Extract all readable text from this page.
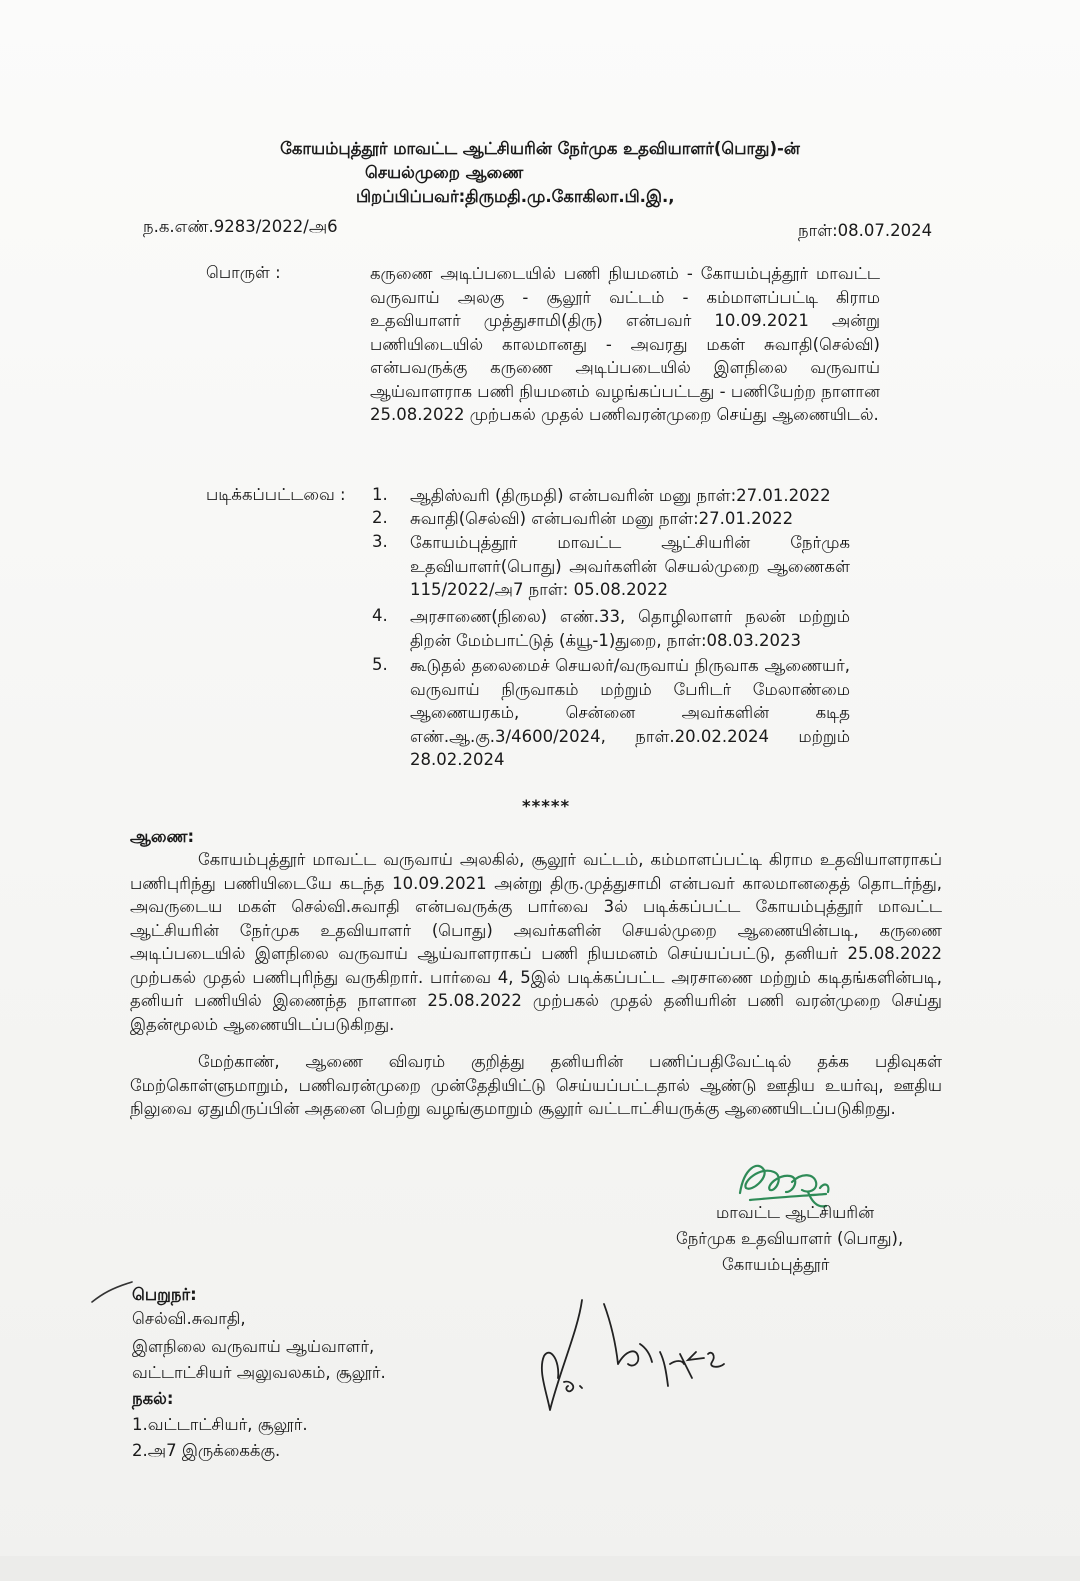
கோயம்புத்தூர் மாவட்ட ஆட்சியரின் நேர்முக உதவியாளர்(பொது)-ன்
செயல்முறை ஆணை
பிறப்பிப்பவர்:திருமதி.மு.கோகிலா.பி.இ.,
ந.க.எண்.9283/2022/அ6	நாள்:08.07.2024
பொருள் :	கருணை அடிப்படையில் பணி நியமனம் - கோயம்புத்தூர் மாவட்ட வருவாய் அலகு - சூலூர் வட்டம் - கம்மாளப்பட்டி கிராம உதவியாளர் முத்துசாமி(திரு) என்பவர் 10.09.2021 அன்று பணியிடையில் காலமானது - அவரது மகள் சுவாதி(செல்வி) என்பவருக்கு கருணை அடிப்படையில் இளநிலை வருவாய் ஆய்வாளராக பணி நியமனம் வழங்கப்பட்டது - பணியேற்ற நாளான 25.08.2022 முற்பகல் முதல் பணிவரன்முறை செய்து ஆணையிடல்.
படிக்கப்பட்டவை : 1. ஆதிஸ்வரி (திருமதி) என்பவரின் மனு நாள்:27.01.2022
2. சுவாதி(செல்வி) என்பவரின் மனு நாள்:27.01.2022
3. கோயம்புத்தூர் மாவட்ட ஆட்சியரின் நேர்முக உதவியாளர்(பொது) அவர்களின் செயல்முறை ஆணைகள் 115/2022/அ7 நாள்: 05.08.2022
4. அரசாணை(நிலை) எண்.33, தொழிலாளர் நலன் மற்றும் திறன் மேம்பாட்டுத் (க்யூ-1)துறை, நாள்:08.03.2023
5. கூடுதல் தலைமைச் செயலர்/வருவாய் நிருவாக ஆணையர், வருவாய் நிருவாகம் மற்றும் பேரிடர் மேலாண்மை ஆணையரகம், சென்னை அவர்களின் கடித எண்.ஆ.கு.3/4600/2024, நாள்.20.02.2024 மற்றும் 28.02.2024
*****
ஆணை:
கோயம்புத்தூர் மாவட்ட வருவாய் அலகில், சூலூர் வட்டம், கம்மாளப்பட்டி கிராம உதவியாளராகப் பணிபுரிந்து பணியிடையே கடந்த 10.09.2021 அன்று திரு.முத்துசாமி என்பவர் காலமானதைத் தொடர்ந்து, அவருடைய மகள் செல்வி.சுவாதி என்பவருக்கு பார்வை 3ல் படிக்கப்பட்ட கோயம்புத்தூர் மாவட்ட ஆட்சியரின் நேர்முக உதவியாளர் (பொது) அவர்களின் செயல்முறை ஆணையின்படி, கருணை அடிப்படையில் இளநிலை வருவாய் ஆய்வாளராகப் பணி நியமனம் செய்யப்பட்டு, தனியர் 25.08.2022 முற்பகல் முதல் பணிபுரிந்து வருகிறார். பார்வை 4, 5இல் படிக்கப்பட்ட அரசாணை மற்றும் கடிதங்களின்படி, தனியர் பணியில் இணைந்த நாளான 25.08.2022 முற்பகல் முதல் தனியரின் பணி வரன்முறை செய்து இதன்மூலம் ஆணையிடப்படுகிறது.
மேற்காண், ஆணை விவரம் குறித்து தனியரின் பணிப்பதிவேட்டில் தக்க பதிவுகள் மேற்கொள்ளுமாறும், பணிவரன்முறை முன்தேதியிட்டு செய்யப்பட்டதால் ஆண்டு ஊதிய உயர்வு, ஊதிய நிலுவை ஏதுமிருப்பின் அதனை பெற்று வழங்குமாறும் சூலூர் வட்டாட்சியருக்கு ஆணையிடப்படுகிறது.
மாவட்ட ஆட்சியரின்
நேர்முக உதவியாளர் (பொது),
கோயம்புத்தூர்
பெறுநர்:
செல்வி.சுவாதி,
இளநிலை வருவாய் ஆய்வாளர்,
வட்டாட்சியர் அலுவலகம், சூலூர்.
நகல்:
1.வட்டாட்சியர், சூலூர்.
2.அ7 இருக்கைக்கு.
